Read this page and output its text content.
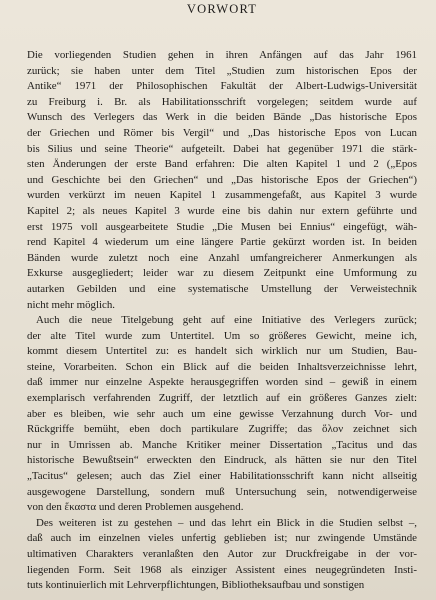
VORWORT
Die vorliegenden Studien gehen in ihren Anfängen auf das Jahr 1961
zurück; sie haben unter dem Titel „Studien zum historischen Epos der
Antike“ 1971 der Philosophischen Fakultät der Albert-Ludwigs-Universität
zu Freiburg i. Br. als Habilitationsschrift vorgelegen; seitdem wurde auf
Wunsch des Verlegers das Werk in die beiden Bände „Das historische Epos
der Griechen und Römer bis Vergil“ und „Das historische Epos von Lucan
bis Silius und seine Theorie“ aufgeteilt. Dabei hat gegenüber 1971 die stärk-
sten Änderungen der erste Band erfahren: Die alten Kapitel 1 und 2 („Epos
und Geschichte bei den Griechen“ und „Das historische Epos der Griechen“)
wurden verkürzt im neuen Kapitel 1 zusammengefaßt, aus Kapitel 3 wurde
Kapitel 2; als neues Kapitel 3 wurde eine bis dahin nur extern geführte und
erst 1975 voll ausgearbeitete Studie „Die Musen bei Ennius“ eingefügt, wäh-
rend Kapitel 4 wiederum um eine längere Partie gekürzt worden ist. In beiden
Bänden wurde zuletzt noch eine Anzahl umfangreicherer Anmerkungen als
Exkurse ausgegliedert; leider war zu diesem Zeitpunkt eine Umformung zu
autarken Gebilden und eine systematische Umstellung der Verweistechnik
nicht mehr möglich.
Auch die neue Titelgebung geht auf eine Initiative des Verlegers zurück;
der alte Titel wurde zum Untertitel. Um so größeres Gewicht, meine ich,
kommt diesem Untertitel zu: es handelt sich wirklich nur um Studien, Bau-
steine, Vorarbeiten. Schon ein Blick auf die beiden Inhaltsverzeichnisse lehrt,
daß immer nur einzelne Aspekte herausgegriffen worden sind – gewiß in einem
exemplarisch verfahrenden Zugriff, der letztlich auf ein größeres Ganzes zielt:
aber es bleiben, wie sehr auch um eine gewisse Verzahnung durch Vor- und
Rückgriffe bemüht, eben doch partikulare Zugriffe; das ὅλον zeichnet sich
nur in Umrissen ab. Manche Kritiker meiner Dissertation „Tacitus und das
historische Bewußtsein“ erweckten den Eindruck, als hätten sie nur den Titel
„Tacitus“ gelesen; auch das Ziel einer Habilitationsschrift kann nicht allseitig
ausgewogene Darstellung, sondern muß Untersuchung sein, notwendigerweise
von den ἕκαστα und deren Problemen ausgehend.
Des weiteren ist zu gestehen – und das lehrt ein Blick in die Studien selbst –,
daß auch im einzelnen vieles unfertig geblieben ist; nur zwingende Umstände
ultimativen Charakters veranlaßten den Autor zur Druckfreigabe in der vor-
liegenden Form. Seit 1968 als einziger Assistent eines neugegründeten Insti-
tuts kontinuierlich mit Lehrverpflichtungen, Bibliotheksaufbau und sonstigen
